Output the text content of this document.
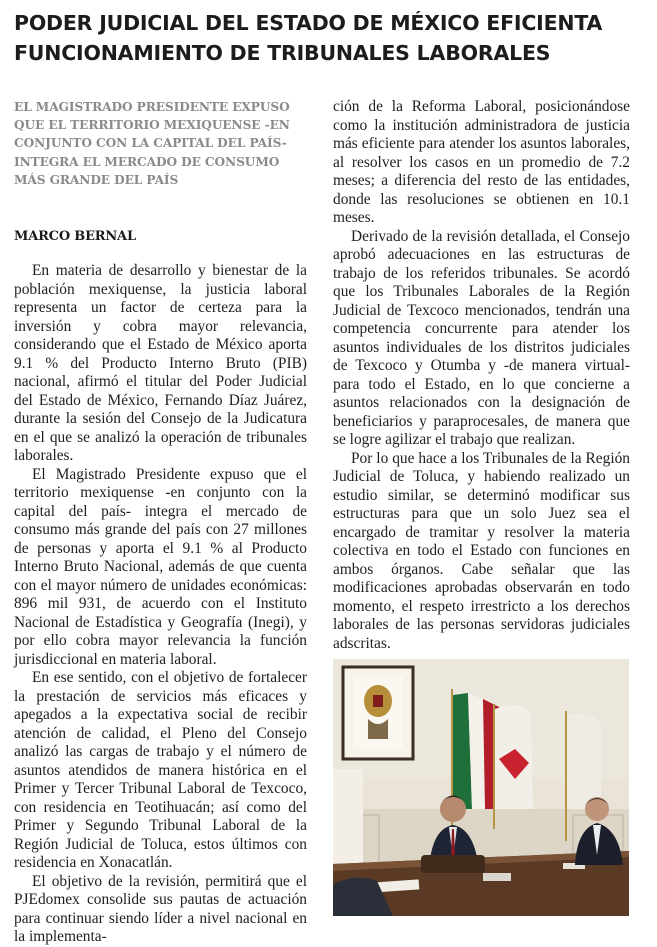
PODER JUDICIAL DEL ESTADO DE MÉXICO EFICIENTA FUNCIONAMIENTO DE TRIBUNALES LABORALES

EL MAGISTRADO PRESIDENTE EXPUSO QUE EL TERRITORIO MEXIQUENSE -EN CONJUNTO CON LA CAPITAL DEL PAÍS- INTEGRA EL MERCADO DE CONSUMO MÁS GRANDE DEL PAÍS

MARCO BERNAL

En materia de desarrollo y bienestar de la población mexiquense, la justicia laboral representa un factor de certeza para la inversión y cobra mayor relevancia, considerando que el Estado de México aporta 9.1 % del Producto Interno Bruto (PIB) nacional, afirmó el titular del Poder Judicial del Estado de México, Fernando Díaz Juárez, durante la sesión del Consejo de la Judicatura en el que se analizó la operación de tribunales laborales.

El Magistrado Presidente expuso que el territorio mexiquense -en conjunto con la capital del país- integra el mercado de consumo más grande del país con 27 millones de personas y aporta el 9.1 % al Producto Interno Bruto Nacional, además de que cuenta con el mayor número de unidades económicas: 896 mil 931, de acuerdo con el Instituto Nacional de Estadística y Geografía (Inegi), y por ello cobra mayor relevancia la función jurisdiccional en materia laboral.

En ese sentido, con el objetivo de fortalecer la prestación de servicios más eficaces y apegados a la expectativa social de recibir atención de calidad, el Pleno del Consejo analizó las cargas de trabajo y el número de asuntos atendidos de manera histórica en el Primer y Tercer Tribunal Laboral de Texcoco, con residencia en Teotihuacán; así como del Primer y Segundo Tribunal Laboral de la Región Judicial de Toluca, estos últimos con residencia en Xonacatlán.

El objetivo de la revisión, permitirá que el PJEdomex consolide sus pautas de actuación para continuar siendo líder a nivel nacional en la implementa-

ción de la Reforma Laboral, posicionándose como la institución administradora de justicia más eficiente para atender los asuntos laborales, al resolver los casos en un promedio de 7.2 meses; a diferencia del resto de las entidades, donde las resoluciones se obtienen en 10.1 meses.

Derivado de la revisión detallada, el Consejo aprobó adecuaciones en las estructuras de trabajo de los referidos tribunales. Se acordó que los Tribunales Laborales de la Región Judicial de Texcoco mencionados, tendrán una competencia concurrente para atender los asuntos individuales de los distritos judiciales de Texcoco y Otumba y -de manera virtual- para todo el Estado, en lo que concierne a asuntos relacionados con la designación de beneficiarios y paraprocesales, de manera que se logre agilizar el trabajo que realizan.

Por lo que hace a los Tribunales de la Región Judicial de Toluca, y habiendo realizado un estudio similar, se determinó modificar sus estructuras para que un solo Juez sea el encargado de tramitar y resolver la materia colectiva en todo el Estado con funciones en ambos órganos. Cabe señalar que las modificaciones aprobadas observarán en todo momento, el respeto irrestricto a los derechos laborales de las personas servidoras judiciales adscritas.
